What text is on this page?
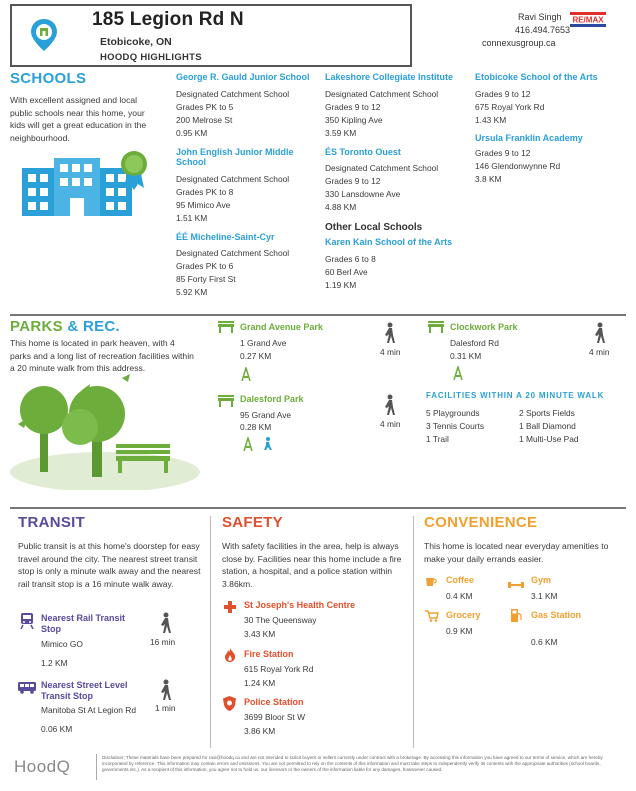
185 Legion Rd N
Etobicoke, ON
HOODQ HIGHLIGHTS
Ravi Singh
416.494.7653
connexusgroup.ca
RE/MAX
SCHOOLS
With excellent assigned and local public schools near this home, your kids will get a great education in the neighbourhood.
George R. Gauld Junior School
Designated Catchment School
Grades PK to 5
200 Melrose St
0.95 KM
John English Junior Middle School
Designated Catchment School
Grades PK to 8
95 Mimico Ave
1.51 KM
ÉÉ Micheline-Saint-Cyr
Designated Catchment School
Grades PK to 6
85 Forty First St
5.92 KM
Lakeshore Collegiate Institute
Designated Catchment School
Grades 9 to 12
350 Kipling Ave
3.59 KM
ÉS Toronto Ouest
Designated Catchment School
Grades 9 to 12
330 Lansdowne Ave
4.88 KM
Other Local Schools
Karen Kain School of the Arts
Grades 6 to 8
60 Berl Ave
1.19 KM
Etobicoke School of the Arts
Grades 9 to 12
675 Royal York Rd
1.43 KM
Ursula Franklin Academy
Grades 9 to 12
146 Glendonwynne Rd
3.8 KM
PARKS & REC.
This home is located in park heaven, with 4 parks and a long list of recreation facilities within a 20 minute walk from this address.
Grand Avenue Park
1 Grand Ave
0.27 KM	4 min
Clockwork Park
Dalesford Rd
0.31 KM	4 min
Dalesford Park
95 Grand Ave
0.28 KM	4 min
FACILITIES WITHIN A 20 MINUTE WALK
5 Playgrounds	2 Sports Fields
3 Tennis Courts	1 Ball Diamond
1 Trail	1 Multi-Use Pad
TRANSIT
Public transit is at this home's doorstep for easy travel around the city. The nearest street transit stop is only a minute walk away and the nearest rail transit stop is a 16 minute walk away.
Nearest Rail Transit Stop
Mimico GO
1.2 KM
16 min
Nearest Street Level Transit Stop
Manitoba St At Legion Rd
0.06 KM
1 min
SAFETY
With safety facilities in the area, help is always close by. Facilities near this home include a fire station, a hospital, and a police station within 3.86km.
St Joseph's Health Centre
30 The Queensway
3.43 KM
Fire Station
615 Royal York Rd
1.24 KM
Police Station
3699 Bloor St W
3.86 KM
CONVENIENCE
This home is located near everyday amenities to make your daily errands easier.
Coffee
0.4 KM
Gym
3.1 KM
Grocery
0.9 KM
Gas Station
0.6 KM
HoodQ	Disclaimer: These materials have been prepared for ravi@hoodq.ca and are not intended to solicit buyers or sellers currently under contract with a brokerage. By accessing this information you have agreed to our terms of service, which are hereby incorporated by reference. This information may contain errors and omissions. You are not permitted to rely on the contents of this information and must take steps to independently verify its contents with the appropriate authorities (school boards, governments etc.). As a recipient of this information, you agree not to hold us, our licensors or the owners of the information liable for any damages, howsoever caused.
